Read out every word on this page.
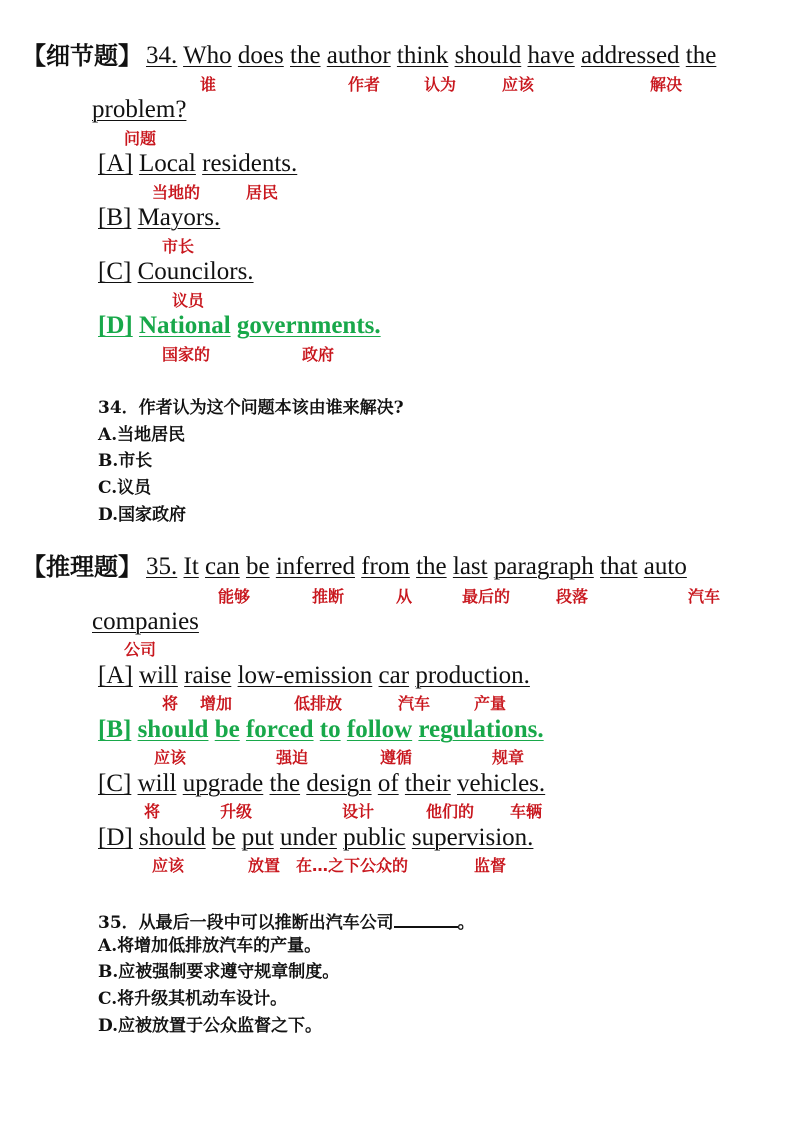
【细节题】 34. Who does the author think should have addressed the
谁	作者	认为	应该	解决
problem?
问题
[A] Local residents.
当地的	居民
[B] Mayors.
市长
[C] Councilors.
议员
[D] National governments.
国家的	政府
34．作者认为这个问题本该由谁来解决?
A.当地居民
B.市长
C.议员
D.国家政府
【推理题】 35. It can be inferred from the last paragraph that auto
能够	推断	从	最后的	段落	汽车
companies
公司
[A] will raise low-emission car production.
将 增加	低排放	汽车	产量
[B] should be forced to follow regulations.
应该	强迫	遵循	规章
[C] will upgrade the design of their vehicles.
将	升级	设计	他们的 车辆
[D] should be put under public supervision.
应该	放置 在…之下公众的	监督
35．从最后一段中可以推断出汽车公司	。
A.将增加低排放汽车的产量。
B.应被强制要求遵守规章制度。
C.将升级其机动车设计。
D.应被放置于公众监督之下。
